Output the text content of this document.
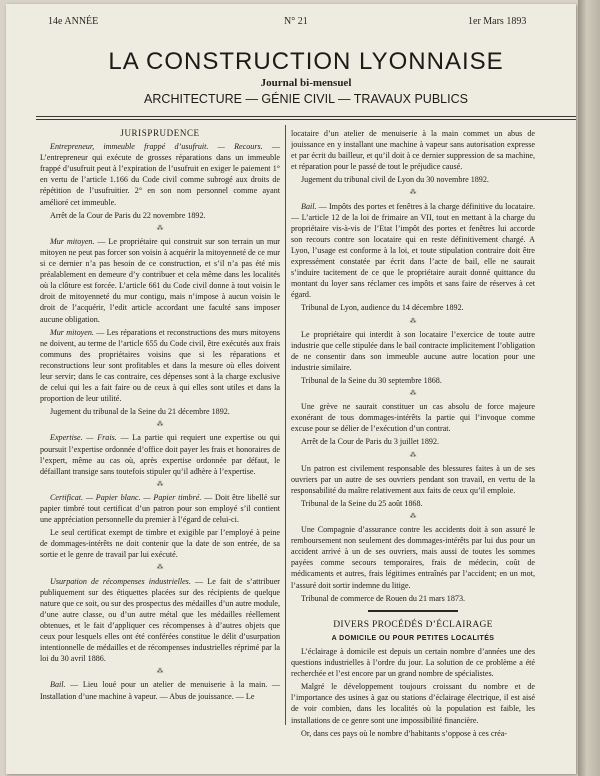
14e ANNÉE	N° 21	1er Mars 1893
LA CONSTRUCTION LYONNAISE
Journal bi-mensuel
ARCHITECTURE — GÉNIE CIVIL — TRAVAUX PUBLICS

JURISPRUDENCE

Entrepreneur, immeuble frappé d’usufruit. — Recours. — L’entrepreneur qui exécute de grosses réparations dans un immeuble frappé d’usufruit peut à l’expiration de l’usufruit en exiger le paiement 1° en vertu de l’article 1.166 du Code civil comme subrogé aux droits de répétition de l’usufruitier. 2° en son nom personnel comme ayant amélioré cet immeuble.

Arrêt de la Cour de Paris du 22 novembre 1892.

⁂

Mur mitoyen. — Le propriétaire qui construit sur son terrain un mur mitoyen ne peut pas forcer son voisin à acquérir la mitoyenneté de ce mur si ce dernier n’a pas besoin de ce construction, et s’il n’a pas été mis préalablement en demeure d’y contribuer et cela même dans les localités où la clôture est forcée. L’article 661 du Code civil donne à tout voisin le droit de mitoyenneté du mur contigu, mais n’impose à aucun voisin le droit de l’acquérir, l’edit article accordant une faculté sans imposer aucune obligation.

Mur mitoyen. — Les réparations et reconstructions des murs mitoyens ne doivent, au terme de l’article 655 du Code civil, être exécutés aux frais communs des propriétaires voisins que si les réparations et reconstructions leur sont profitables et dans la mesure où elles doivent leur servir; dans le cas contraire, ces dépenses sont à la charge exclusive de celui qui les a fait faire ou de ceux à qui elles sont utiles et dans la proportion de leur utilité.

Jugement du tribunal de la Seine du 21 décembre 1892.

⁂

Expertise. — Frais. — La partie qui requiert une expertise ou qui poursuit l’expertise ordonnée d’office doit payer les frais et honoraires de l’expert, même au cas où, après expertise ordonnée par défaut, le défaillant transige sans toutefois stipuler qu’il adhère à l’expertise.

⁂

Certificat. — Papier blanc. — Papier timbré. — Doit être libellé sur papier timbré tout certificat d’un patron pour son employé s’il contient une appréciation personnelle du premier à l’égard de celui-ci.

Le seul certificat exempt de timbre et exigible par l’employé à peine de dommages-intérêts ne doit contenir que la date de son entrée, de sa sortie et le genre de travail par lui exécuté.

⁂

Usurpation de récompenses industrielles. — Le fait de s’attribuer publiquement sur des étiquettes placées sur des récipients de quelque nature que ce soit, ou sur des prospectus des médailles d’un autre module, d’une autre classe, ou d’un autre métal que les médailles réellement obtenues, et le fait d’appliquer ces récompenses à d’autres objets que ceux pour lesquels elles ont été conférées constitue le délit d’usurpation intentionnelle de médailles et de récompenses industrielles réprimé par la loi du 30 avril 1886.

⁂

Bail. — Lieu loué pour un atelier de menuiserie à la main. — Installation d’une machine à vapeur. — Abus de jouissance. — Le

locataire d’un atelier de menuiserie à la main commet un abus de jouissance en y installant une machine à vapeur sans autorisation expresse et par écrit du bailleur, et qu’il doit à ce dernier suppression de sa machine, et réparation pour le passé de tout le préjudice causé.

Jugement du tribunal civil de Lyon du 30 novembre 1892.

⁂

Bail. — Impôts des portes et fenêtres à la charge définitive du locataire. — L’article 12 de la loi de frimaire an VII, tout en mettant à la charge du propriétaire vis-à-vis de l’Etat l’impôt des portes et fenêtres lui accorde son recours contre son locataire qui en reste définitivement chargé. A Lyon, l’usage est conforme à la loi, et toute stipulation contraire doit être expressément constatée par écrit dans l’acte de bail, elle ne saurait s’induire tacitement de ce que le propriétaire aurait donné quittance du montant du loyer sans réclamer ces impôts et sans faire de réserves à cet égard.

Tribunal de Lyon, audience du 14 décembre 1892.

⁂

Le propriétaire qui interdit à son locataire l’exercice de toute autre industrie que celle stipulée dans le bail contracte implicitement l’obligation de ne consentir dans son immeuble aucune autre location pour une industrie similaire.

Tribunal de la Seine du 30 septembre 1868.

⁂

Une grève ne saurait constituer un cas absolu de force majeure exonérant de tous dommages-intérêts la partie qui l’invoque comme excuse pour se délier de l’exécution d’un contrat.

Arrêt de la Cour de Paris du 3 juillet 1892.

⁂

Un patron est civilement responsable des blessures faites à un de ses ouvriers par un autre de ses ouvriers pendant son travail, en vertu de la responsabilité du maître relativement aux faits de ceux qu’il emploie.

Tribunal de la Seine du 25 août 1868.

⁂

Une Compagnie d’assurance contre les accidents doit à son assuré le remboursement non seulement des dommages-intérêts par lui dus pour un accident arrivé à un de ses ouvriers, mais aussi de toutes les sommes payées comme secours temporaires, frais de médecin, coût de médicaments et autres, frais légitimes entraînés par l’accident; en un mot, l’assuré doit sortir indemne du litige.

Tribunal de commerce de Rouen du 21 mars 1873.

DIVERS PROCÉDÉS D’ÉCLAIRAGE

A DOMICILE OU POUR PETITES LOCALITÉS

L’éclairage à domicile est depuis un certain nombre d’années une des questions industrielles à l’ordre du jour. La solution de ce problème a été recherchée et l’est encore par un grand nombre de spécialistes.

Malgré le développement toujours croissant du nombre et de l’importance des usines à gaz ou stations d’éclairage électrique, il est aisé de voir combien, dans les localités où la population est faible, les installations de ce genre sont une impossibilité financière.

Or, dans ces pays où le nombre d’habitants s’oppose à ces créa-
